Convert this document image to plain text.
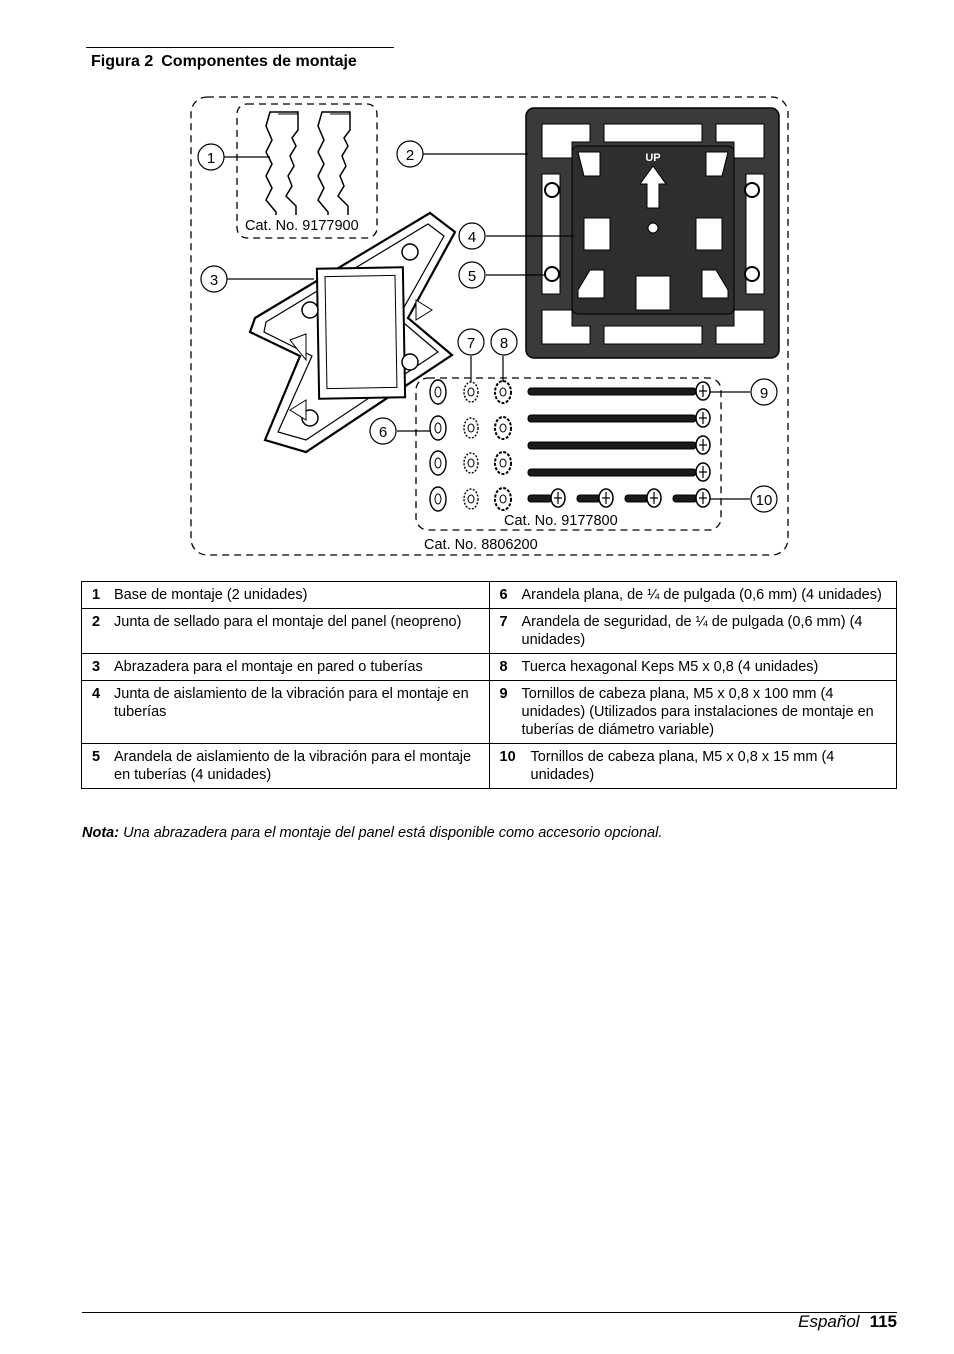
Figura 2 Componentes de montaje
UP
1	2
3
4
5
6
7 8
9
10
Cat. No. 9177900
Cat. No. 9177800
Cat. No. 8806200
1 Base de montaje (2 unidades)	6 Arandela plana, de ¼ de pulgada (0,6 mm) (4 unidades)

2 Junta de sellado para el montaje del panel (neopreno)	7 Arandela de seguridad, de ¼ de pulgada (0,6 mm) (4 unidades)

3 Abrazadera para el montaje en pared o tuberías	8 Tuerca hexagonal Keps M5 x 0,8 (4 unidades)

4 Junta de aislamiento de la vibración para el montaje en tuberías	9 Tornillos de cabeza plana, M5 x 0,8 x 100 mm (4 unidades) (Utilizados para instalaciones de montaje en tuberías de diámetro variable)

5 Arandela de aislamiento de la vibración para el montaje en tuberías (4 unidades)	10 Tornillos de cabeza plana, M5 x 0,8 x 15 mm (4 unidades)
Nota: Una abrazadera para el montaje del panel está disponible como accesorio opcional.
Español 115
